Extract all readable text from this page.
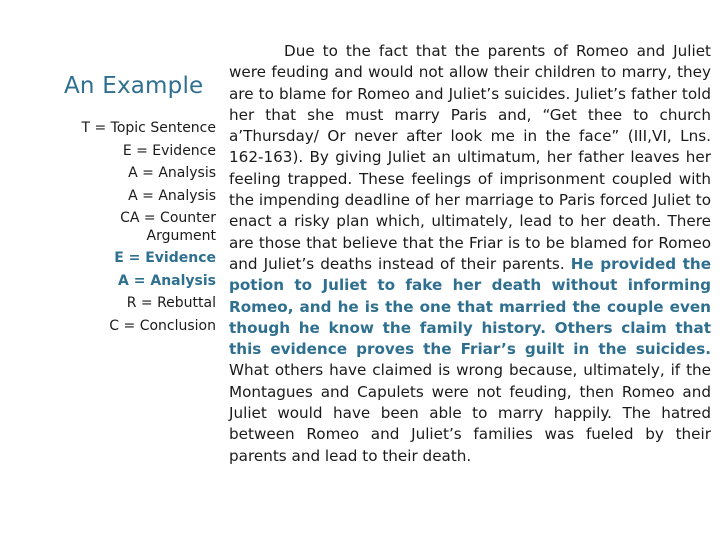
An Example
T = Topic Sentence
E = Evidence
A = Analysis
A = Analysis
CA = Counter
Argument
E = Evidence
A = Analysis
R = Rebuttal
C = Conclusion
Due to the fact that the parents of Romeo and Juliet were feuding and would not allow their children to marry, they are to blame for Romeo and Juliet’s suicides. Juliet’s father told her that she must marry Paris and, “Get thee to church a’Thursday/ Or never after look me in the face” (III,VI, Lns. 162-163). By giving Juliet an ultimatum, her father leaves her feeling trapped. These feelings of imprisonment coupled with the impending deadline of her marriage to Paris forced Juliet to enact a risky plan which, ultimately, lead to her death. There are those that believe that the Friar is to be blamed for Romeo and Juliet’s deaths instead of their parents. He provided the potion to Juliet to fake her death without informing Romeo, and he is the one that married the couple even though he know the family history. Others claim that this evidence proves the Friar’s guilt in the suicides. What others have claimed is wrong because, ultimately, if the Montagues and Capulets were not feuding, then Romeo and Juliet would have been able to marry happily. The hatred between Romeo and Juliet’s families was fueled by their parents and lead to their death.
